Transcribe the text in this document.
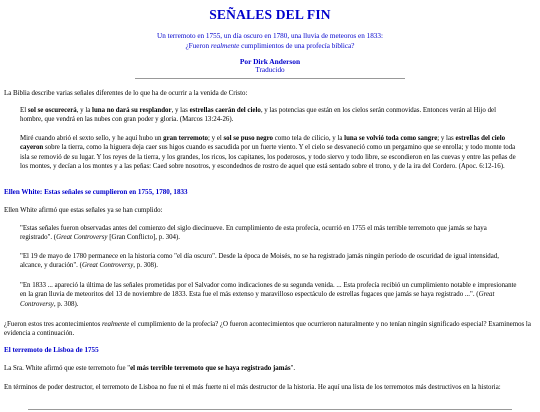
SEÑALES DEL FIN
Un terremoto en 1755, un día oscuro en 1780, una lluvia de meteoros en 1833:
¿Fueron realmente cumplimientos de una profecía bíblica?
Por Dirk Anderson
Traducido

La Biblia describe varias señales diferentes de lo que ha de ocurrir a la venida de Cristo:

El sol se oscurecerá, y la luna no dará su resplandor, y las estrellas caerán del cielo, y las potencias que están en los cielos serán conmovidas. Entonces verán al Hijo del hombre, que vendrá en las nubes con gran poder y gloria. (Marcos 13:24-26).

Miré cuando abrió el sexto sello, y he aquí hubo un gran terremoto; y el sol se puso negro como tela de cilicio, y la luna se volvió toda como sangre; y las estrellas del cielo cayeron sobre la tierra, como la higuera deja caer sus higos cuando es sacudida por un fuerte viento. Y el cielo se desvaneció como un pergamino que se enrolla; y todo monte toda isla se removió de su lugar. Y los reyes de la tierra, y los grandes, los ricos, los capitanes, los poderosos, y todo siervo y todo libre, se escondieron en las cuevas y entre las peñas de los montes, y decían a los montes y a las peñas: Caed sobre nosotros, y escondednos de rostro de aquel que está sentado sobre el trono, y de la ira del Cordero. (Apoc. 6:12-16).

Ellen White: Estas señales se cumplieron en 1755, 1780, 1833

Ellen White afirmó que estas señales ya se han cumplido:

"Estas señales fueron observadas antes del comienzo del siglo diecinueve. En cumplimiento de esta profecía, ocurrió en 1755 el más terrible terremoto que jamás se haya registrado". (Great Controversy [Gran Conflicto], p. 304).

"El 19 de mayo de 1780 permanece en la historia como "el día oscuro". Desde la época de Moisés, no se ha registrado jamás ningún período de oscuridad de igual intensidad, alcance, y duración". (Great Controversy, p. 308).

"En 1833 ... apareció la última de las señales prometidas por el Salvador como indicaciones de su segunda venida. ... Esta profecía recibió un cumplimiento notable e impresionante en la gran lluvia de meteoritos del 13 de noviembre de 1833. Esta fue el más extenso y maravilloso espectáculo de estrellas fugaces que jamás se haya registrado ...". (Great Controversy, p. 308).

¿Fueron estos tres acontecimientos realmente el cumplimiento de la profecía? ¿O fueron acontecimientos que ocurrieron naturalmente y no tenían ningún significado especial? Examinemos la evidencia a continuación.

El terremoto de Lisboa de 1755

La Sra. White afirmó que este terremoto fue "el más terrible terremoto que se haya registrado jamás".

En términos de poder destructor, el terremoto de Lisboa no fue ni el más fuerte ni el más destructor de la historia. He aquí una lista de los terremotos más destructivos en la historia:
